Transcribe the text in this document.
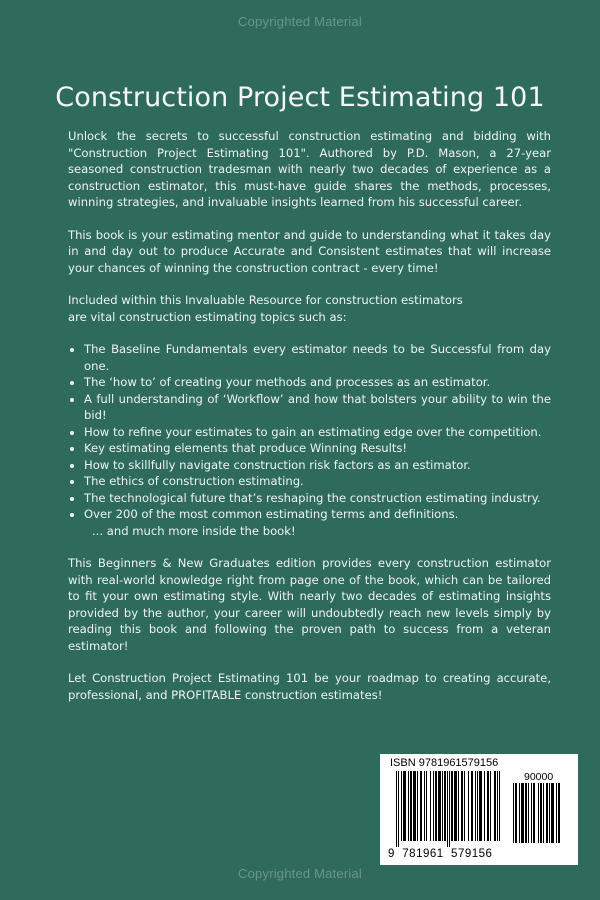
Copyrighted Material
Construction Project Estimating 101

Unlock the secrets to successful construction estimating and bidding with "Construction Project Estimating 101". Authored by P.D. Mason, a 27-year seasoned construction tradesman with nearly two decades of experience as a construction estimator, this must-have guide shares the methods, processes, winning strategies, and invaluable insights learned from his successful career.

This book is your estimating mentor and guide to understanding what it takes day in and day out to produce Accurate and Consistent estimates that will increase your chances of winning the construction contract - every time!

Included within this Invaluable Resource for construction estimators
are vital construction estimating topics such as:

• The Baseline Fundamentals every estimator needs to be Successful from day one.
• The ‘how to’ of creating your methods and processes as an estimator.
• A full understanding of ‘Workflow’ and how that bolsters your ability to win the bid!
• How to refine your estimates to gain an estimating edge over the competition.
• Key estimating elements that produce Winning Results!
• How to skillfully navigate construction risk factors as an estimator.
• The ethics of construction estimating.
• The technological future that’s reshaping the construction estimating industry.
• Over 200 of the most common estimating terms and definitions.
... and much more inside the book!

This Beginners & New Graduates edition provides every construction estimator with real-world knowledge right from page one of the book, which can be tailored to fit your own estimating style. With nearly two decades of estimating insights provided by the author, your career will undoubtedly reach new levels simply by reading this book and following the proven path to success from a veteran estimator!

Let Construction Project Estimating 101 be your roadmap to creating accurate, professional, and PROFITABLE construction estimates!

ISBN 9781961579156
90000
9  781961  579156
Copyrighted Material
